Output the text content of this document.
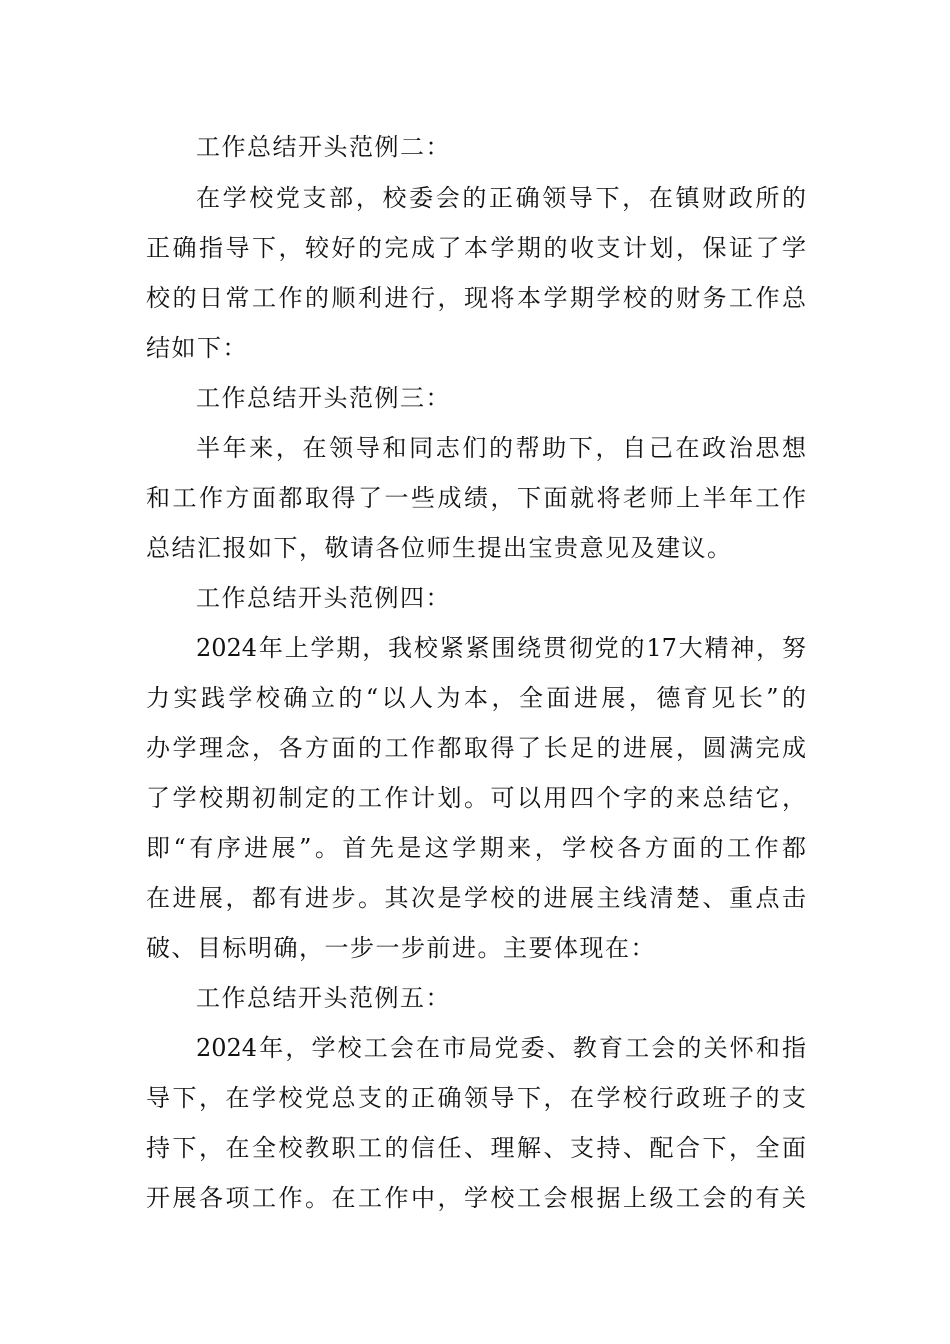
工作总结开头范例二：
在学校党支部，校委会的正确领导下，在镇财政所的
正确指导下，较好的完成了本学期的收支计划，保证了学
校的日常工作的顺利进行，现将本学期学校的财务工作总
结如下：
工作总结开头范例三：
半年来，在领导和同志们的帮助下，自己在政治思想
和工作方面都取得了一些成绩，下面就将老师上半年工作
总结汇报如下，敬请各位师生提出宝贵意见及建议。
工作总结开头范例四：
2024年上学期，我校紧紧围绕贯彻党的17大精神，努
力实践学校确立的“以人为本，全面进展，德育见长”的
办学理念，各方面的工作都取得了长足的进展，圆满完成
了学校期初制定的工作计划。可以用四个字的来总结它，
即“有序进展”。首先是这学期来，学校各方面的工作都
在进展，都有进步。其次是学校的进展主线清楚、重点击
破、目标明确，一步一步前进。主要体现在：
工作总结开头范例五：
2024年，学校工会在市局党委、教育工会的关怀和指
导下，在学校党总支的正确领导下，在学校行政班子的支
持下，在全校教职工的信任、理解、支持、配合下，全面
开展各项工作。在工作中，学校工会根据上级工会的有关
